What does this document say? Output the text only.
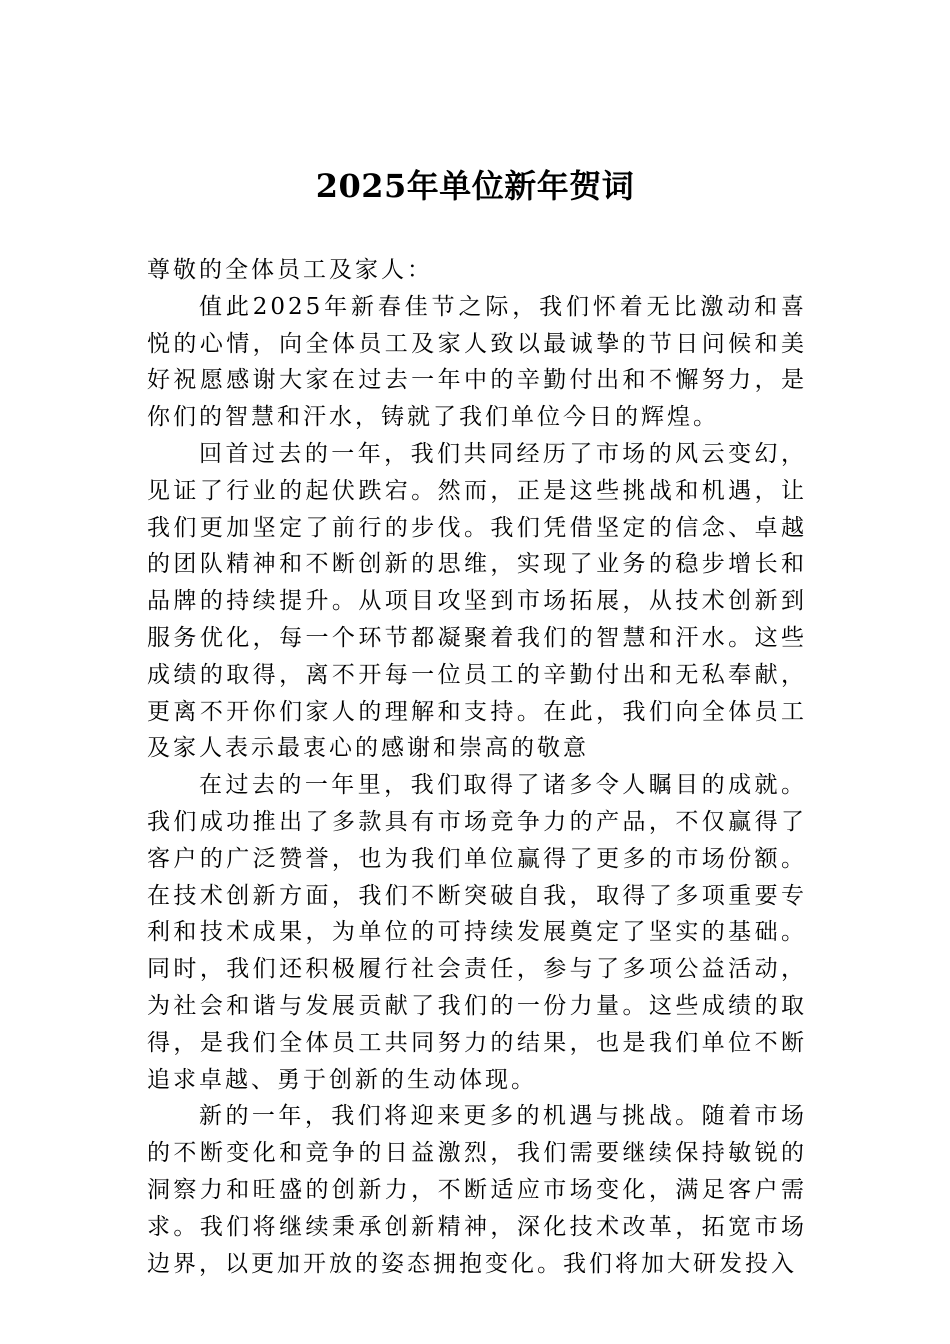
2025年单位新年贺词

尊敬的全体员工及家人：

值此2025年新春佳节之际，我们怀着无比激动和喜悦的心情，向全体员工及家人致以最诚挚的节日问候和美好祝愿感谢大家在过去一年中的辛勤付出和不懈努力，是你们的智慧和汗水，铸就了我们单位今日的辉煌。

回首过去的一年，我们共同经历了市场的风云变幻，见证了行业的起伏跌宕。然而，正是这些挑战和机遇，让我们更加坚定了前行的步伐。我们凭借坚定的信念、卓越的团队精神和不断创新的思维，实现了业务的稳步增长和品牌的持续提升。从项目攻坚到市场拓展，从技术创新到服务优化，每一个环节都凝聚着我们的智慧和汗水。这些成绩的取得，离不开每一位员工的辛勤付出和无私奉献，更离不开你们家人的理解和支持。在此，我们向全体员工及家人表示最衷心的感谢和崇高的敬意

在过去的一年里，我们取得了诸多令人瞩目的成就。我们成功推出了多款具有市场竞争力的产品，不仅赢得了客户的广泛赞誉，也为我们单位赢得了更多的市场份额。在技术创新方面，我们不断突破自我，取得了多项重要专利和技术成果，为单位的可持续发展奠定了坚实的基础。同时，我们还积极履行社会责任，参与了多项公益活动，为社会和谐与发展贡献了我们的一份力量。这些成绩的取得，是我们全体员工共同努力的结果，也是我们单位不断追求卓越、勇于创新的生动体现。

新的一年，我们将迎来更多的机遇与挑战。随着市场的不断变化和竞争的日益激烈，我们需要继续保持敏锐的洞察力和旺盛的创新力，不断适应市场变化，满足客户需求。我们将继续秉承创新精神，深化技术改革，拓宽市场边界，以更加开放的姿态拥抱变化。我们将加大研发投入
